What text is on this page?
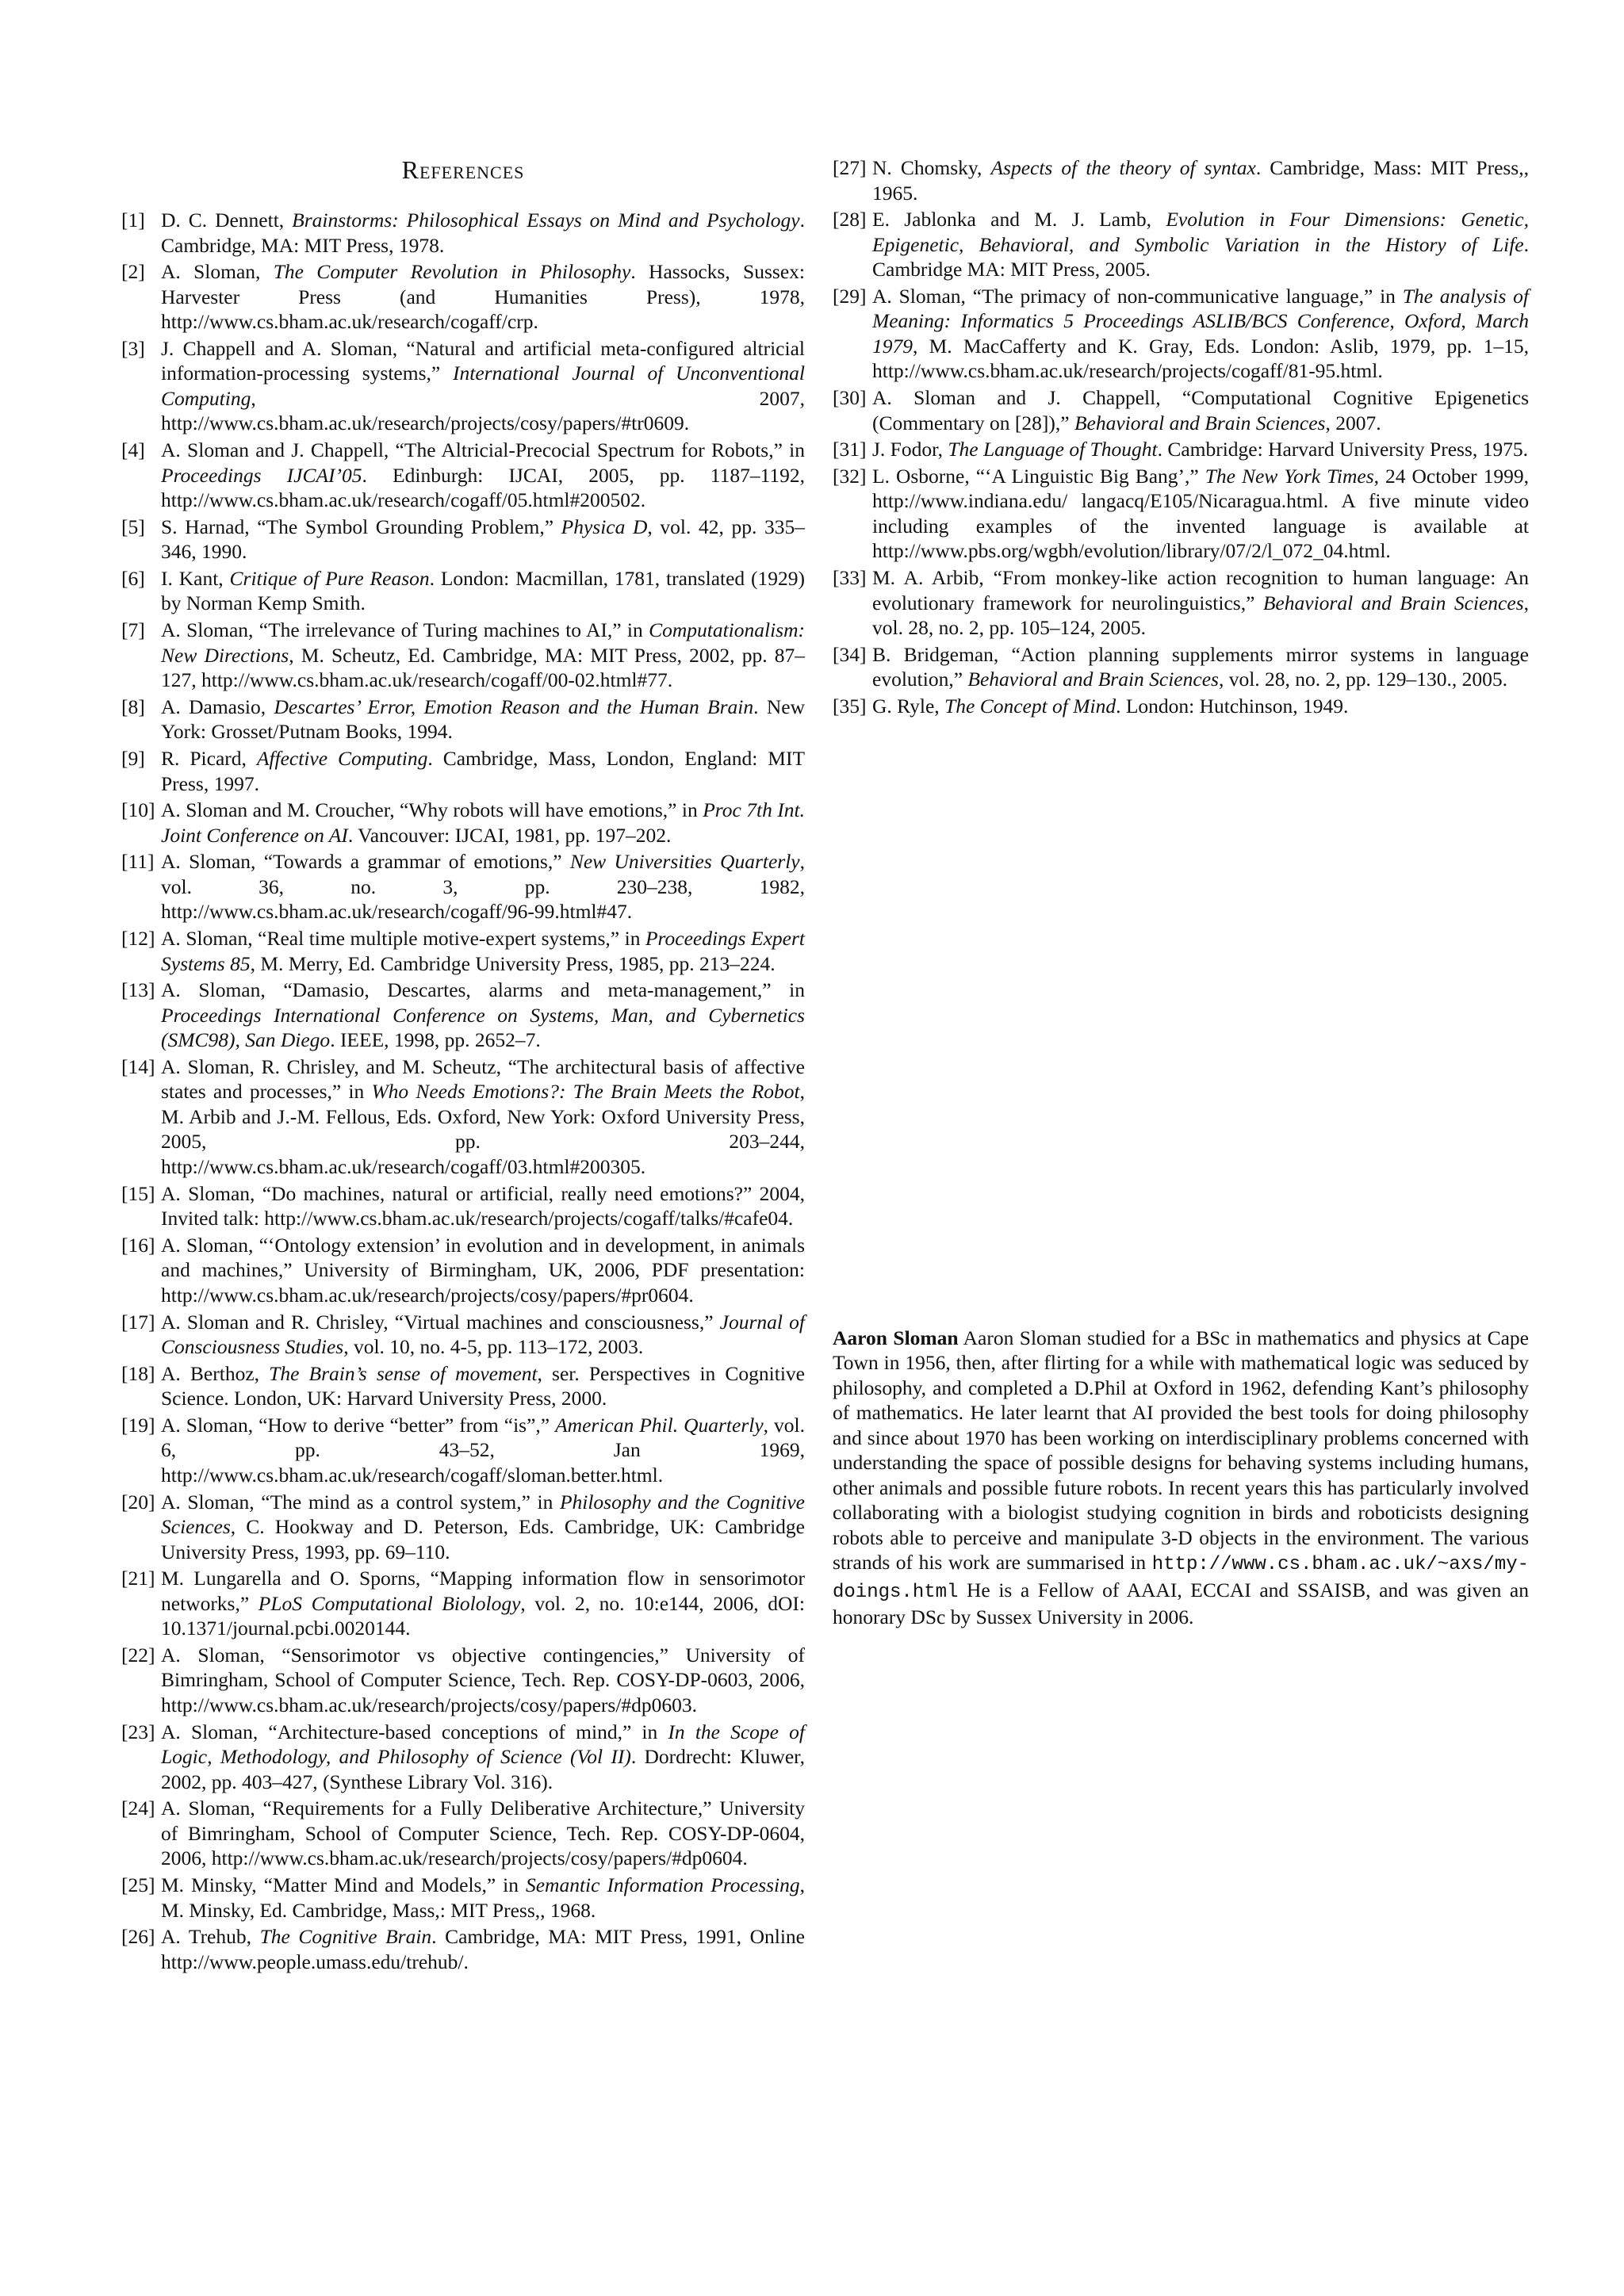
References
[1] D. C. Dennett, Brainstorms: Philosophical Essays on Mind and Psychology. Cambridge, MA: MIT Press, 1978.
[2] A. Sloman, The Computer Revolution in Philosophy. Hassocks, Sussex: Harvester Press (and Humanities Press), 1978, http://www.cs.bham.ac.uk/research/cogaff/crp.
[3] J. Chappell and A. Sloman, “Natural and artificial meta-configured altricial information-processing systems,” International Journal of Unconventional Computing, 2007, http://www.cs.bham.ac.uk/research/projects/cosy/papers/#tr0609.
[4] A. Sloman and J. Chappell, “The Altricial-Precocial Spectrum for Robots,” in Proceedings IJCAI’05. Edinburgh: IJCAI, 2005, pp. 1187–1192, http://www.cs.bham.ac.uk/research/cogaff/05.html#200502.
[5] S. Harnad, “The Symbol Grounding Problem,” Physica D, vol. 42, pp. 335–346, 1990.
[6] I. Kant, Critique of Pure Reason. London: Macmillan, 1781, translated (1929) by Norman Kemp Smith.
[7] A. Sloman, “The irrelevance of Turing machines to AI,” in Computationalism: New Directions, M. Scheutz, Ed. Cambridge, MA: MIT Press, 2002, pp. 87–127, http://www.cs.bham.ac.uk/research/cogaff/00-02.html#77.
[8] A. Damasio, Descartes’ Error, Emotion Reason and the Human Brain. New York: Grosset/Putnam Books, 1994.
[9] R. Picard, Affective Computing. Cambridge, Mass, London, England: MIT Press, 1997.
[10] A. Sloman and M. Croucher, “Why robots will have emotions,” in Proc 7th Int. Joint Conference on AI. Vancouver: IJCAI, 1981, pp. 197–202.
[11] A. Sloman, “Towards a grammar of emotions,” New Universities Quarterly, vol. 36, no. 3, pp. 230–238, 1982, http://www.cs.bham.ac.uk/research/cogaff/96-99.html#47.
[12] A. Sloman, “Real time multiple motive-expert systems,” in Proceedings Expert Systems 85, M. Merry, Ed. Cambridge University Press, 1985, pp. 213–224.
[13] A. Sloman, “Damasio, Descartes, alarms and meta-management,” in Proceedings International Conference on Systems, Man, and Cybernetics (SMC98), San Diego. IEEE, 1998, pp. 2652–7.
[14] A. Sloman, R. Chrisley, and M. Scheutz, “The architectural basis of affective states and processes,” in Who Needs Emotions?: The Brain Meets the Robot, M. Arbib and J.-M. Fellous, Eds. Oxford, New York: Oxford University Press, 2005, pp. 203–244, http://www.cs.bham.ac.uk/research/cogaff/03.html#200305.
[15] A. Sloman, “Do machines, natural or artificial, really need emotions?” 2004, Invited talk: http://www.cs.bham.ac.uk/research/projects/cogaff/talks/#cafe04.
[16] A. Sloman, “‘Ontology extension’ in evolution and in development, in animals and machines,” University of Birmingham, UK, 2006, PDF presentation: http://www.cs.bham.ac.uk/research/projects/cosy/papers/#pr0604.
[17] A. Sloman and R. Chrisley, “Virtual machines and consciousness,” Journal of Consciousness Studies, vol. 10, no. 4-5, pp. 113–172, 2003.
[18] A. Berthoz, The Brain’s sense of movement, ser. Perspectives in Cognitive Science. London, UK: Harvard University Press, 2000.
[19] A. Sloman, “How to derive “better” from “is”,” American Phil. Quarterly, vol. 6, pp. 43–52, Jan 1969, http://www.cs.bham.ac.uk/research/cogaff/sloman.better.html.
[20] A. Sloman, “The mind as a control system,” in Philosophy and the Cognitive Sciences, C. Hookway and D. Peterson, Eds. Cambridge, UK: Cambridge University Press, 1993, pp. 69–110.
[21] M. Lungarella and O. Sporns, “Mapping information flow in sensorimotor networks,” PLoS Computational Biolology, vol. 2, no. 10:e144, 2006, dOI: 10.1371/journal.pcbi.0020144.
[22] A. Sloman, “Sensorimotor vs objective contingencies,” University of Bimringham, School of Computer Science, Tech. Rep. COSY-DP-0603, 2006, http://www.cs.bham.ac.uk/research/projects/cosy/papers/#dp0603.
[23] A. Sloman, “Architecture-based conceptions of mind,” in In the Scope of Logic, Methodology, and Philosophy of Science (Vol II). Dordrecht: Kluwer, 2002, pp. 403–427, (Synthese Library Vol. 316).
[24] A. Sloman, “Requirements for a Fully Deliberative Architecture,” University of Bimringham, School of Computer Science, Tech. Rep. COSY-DP-0604, 2006, http://www.cs.bham.ac.uk/research/projects/cosy/papers/#dp0604.
[25] M. Minsky, “Matter Mind and Models,” in Semantic Information Processing, M. Minsky, Ed. Cambridge, Mass,: MIT Press,, 1968.
[26] A. Trehub, The Cognitive Brain. Cambridge, MA: MIT Press, 1991, Online http://www.people.umass.edu/trehub/.
[27] N. Chomsky, Aspects of the theory of syntax. Cambridge, Mass: MIT Press,, 1965.
[28] E. Jablonka and M. J. Lamb, Evolution in Four Dimensions: Genetic, Epigenetic, Behavioral, and Symbolic Variation in the History of Life. Cambridge MA: MIT Press, 2005.
[29] A. Sloman, “The primacy of non-communicative language,” in The analysis of Meaning: Informatics 5 Proceedings ASLIB/BCS Conference, Oxford, March 1979, M. MacCafferty and K. Gray, Eds. London: Aslib, 1979, pp. 1–15, http://www.cs.bham.ac.uk/research/projects/cogaff/81-95.html.
[30] A. Sloman and J. Chappell, “Computational Cognitive Epigenetics (Commentary on [28]),” Behavioral and Brain Sciences, 2007.
[31] J. Fodor, The Language of Thought. Cambridge: Harvard University Press, 1975.
[32] L. Osborne, “‘A Linguistic Big Bang’,” The New York Times, 24 October 1999, http://www.indiana.edu/ langacq/E105/Nicaragua.html. A five minute video including examples of the invented language is available at http://www.pbs.org/wgbh/evolution/library/07/2/l_072_04.html.
[33] M. A. Arbib, “From monkey-like action recognition to human language: An evolutionary framework for neurolinguistics,” Behavioral and Brain Sciences, vol. 28, no. 2, pp. 105–124, 2005.
[34] B. Bridgeman, “Action planning supplements mirror systems in language evolution,” Behavioral and Brain Sciences, vol. 28, no. 2, pp. 129–130., 2005.
[35] G. Ryle, The Concept of Mind. London: Hutchinson, 1949.

Aaron Sloman Aaron Sloman studied for a BSc in mathematics and physics at Cape Town in 1956, then, after flirting for a while with mathematical logic was seduced by philosophy, and completed a D.Phil at Oxford in 1962, defending Kant’s philosophy of mathematics. He later learnt that AI provided the best tools for doing philosophy and since about 1970 has been working on interdisciplinary problems concerned with understanding the space of possible designs for behaving systems including humans, other animals and possible future robots. In recent years this has particularly involved collaborating with a biologist studying cognition in birds and roboticists designing robots able to perceive and manipulate 3-D objects in the environment. The various strands of his work are summarised in http://www.cs.bham.ac.uk/~axs/my-doings.html He is a Fellow of AAAI, ECCAI and SSAISB, and was given an honorary DSc by Sussex University in 2006.
